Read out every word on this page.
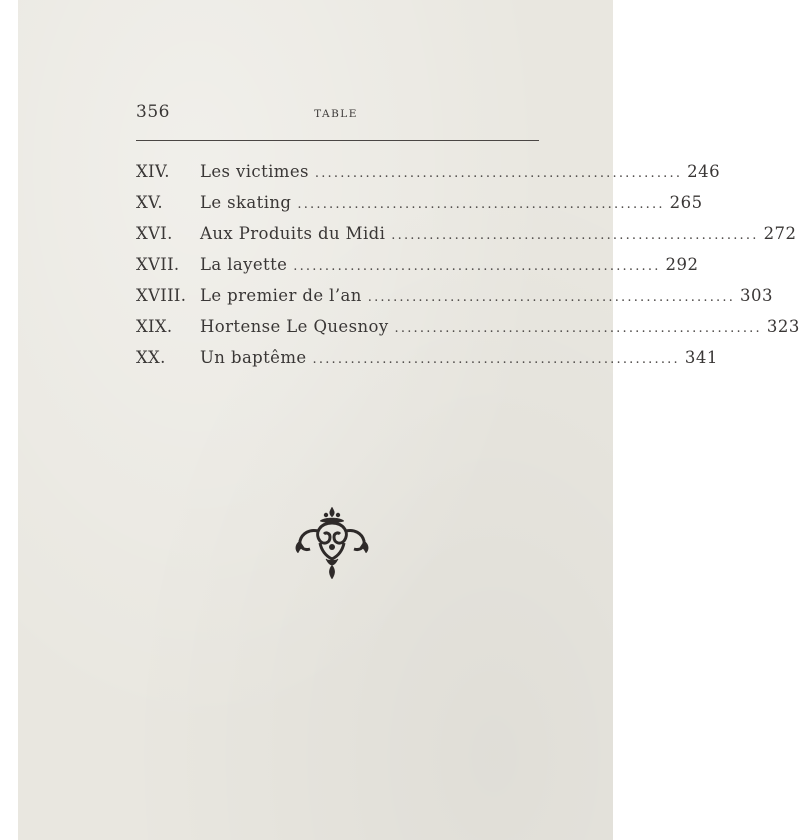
356	TABLE
XIV.	Les victimes .......................................................... 246
XV.	Le skating .......................................................... 265
XVI.	Aux Produits du Midi .......................................................... 272
XVII.	La layette .......................................................... 292
XVIII. Le premier de l’an .......................................................... 303
XIX.	Hortense Le Quesnoy .......................................................... 323
XX.	Un baptême .......................................................... 341
